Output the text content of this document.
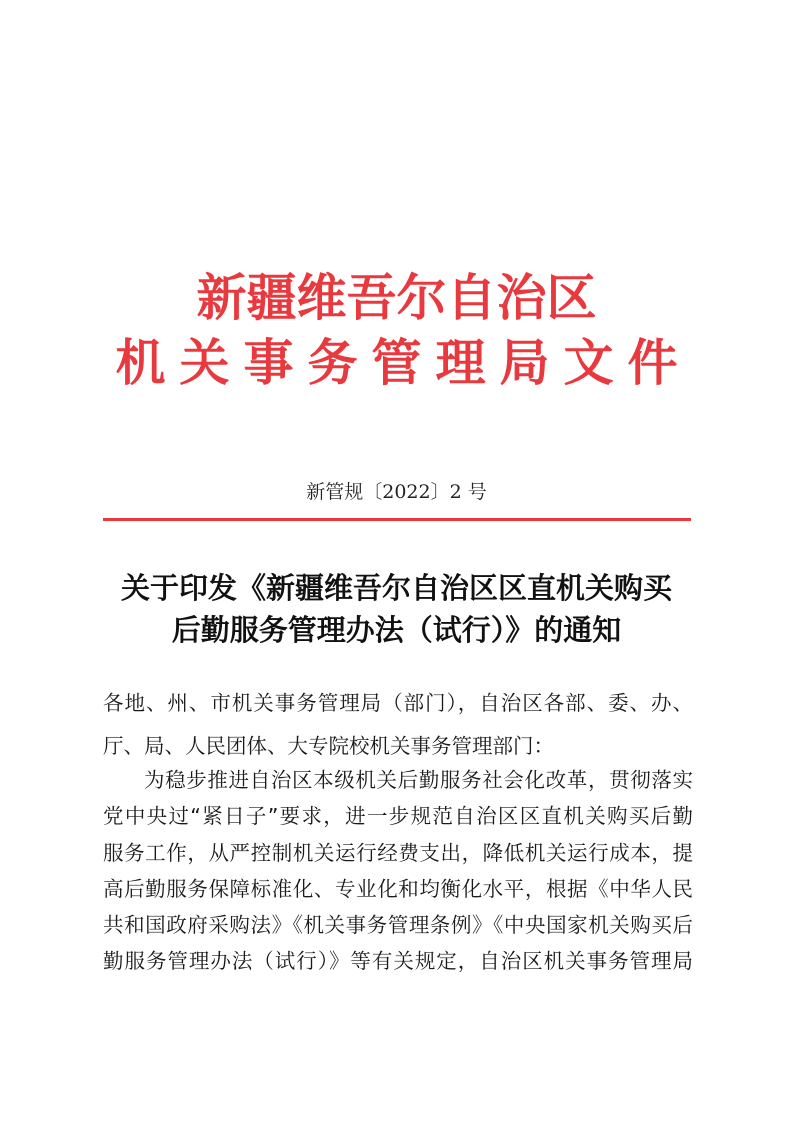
新疆维吾尔自治区
机关事务管理局文件
新管规〔2022〕2 号
关于印发《新疆维吾尔自治区区直机关购买
后勤服务管理办法（试行）》的通知
各地、州、市机关事务管理局（部门），自治区各部、委、办、
厅、局、人民团体、大专院校机关事务管理部门：
为稳步推进自治区本级机关后勤服务社会化改革，贯彻落实
党中央过“紧日子”要求，进一步规范自治区区直机关购买后勤
服务工作，从严控制机关运行经费支出，降低机关运行成本，提
高后勤服务保障标准化、专业化和均衡化水平，根据《中华人民
共和国政府采购法》《机关事务管理条例》《中央国家机关购买后
勤服务管理办法（试行）》等有关规定，自治区机关事务管理局
